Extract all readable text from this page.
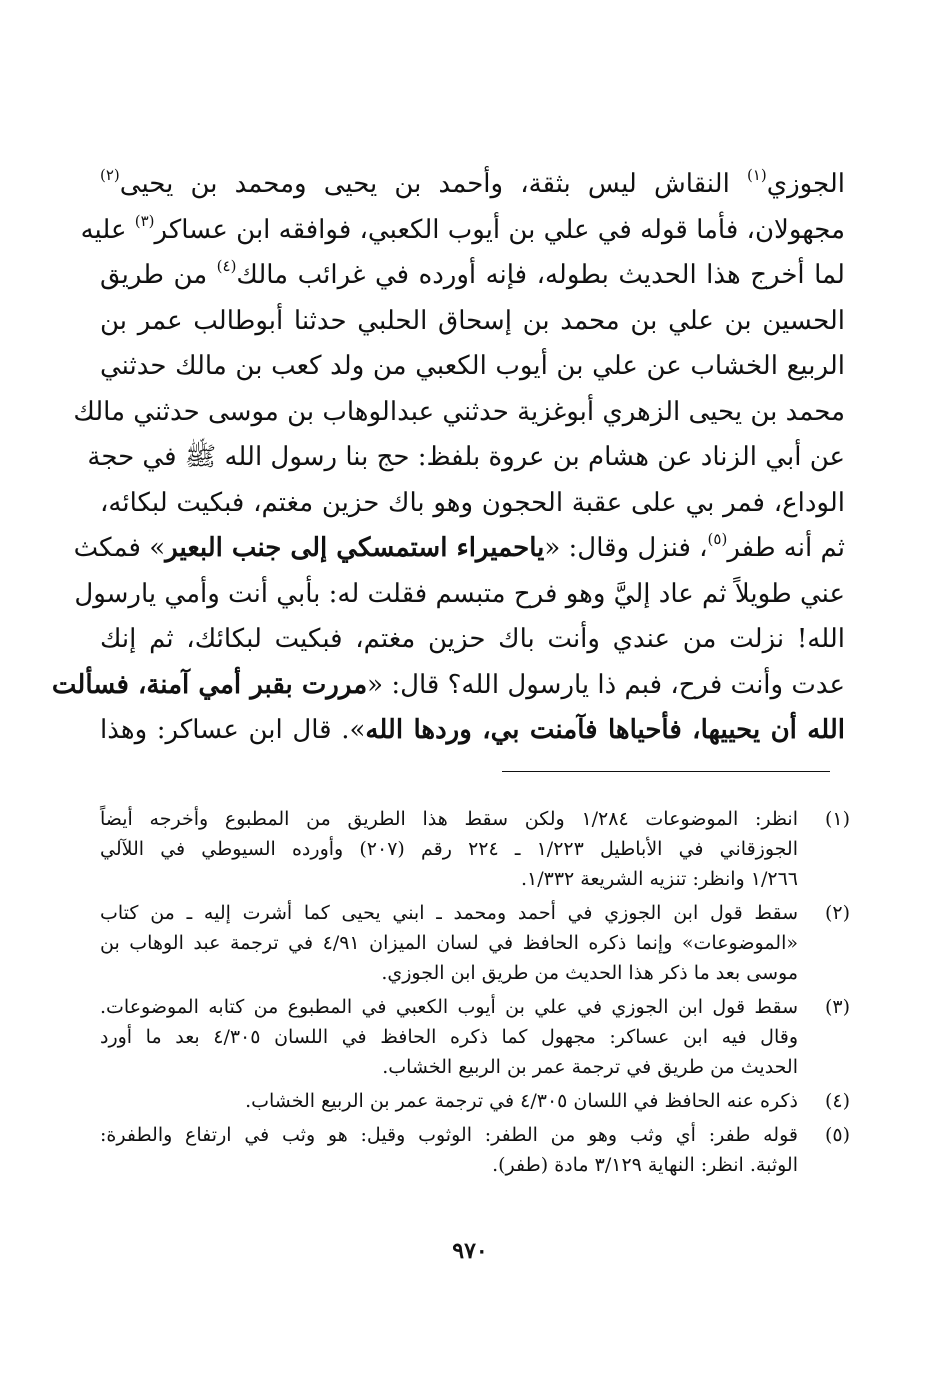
الجوزي$^{(١)}$ النقاش ليس بثقة، وأحمد بن يحيى ومحمد بن يحيى$^{(٢)}$
مجهولان، فأما قوله في علي بن أيوب الكعبي، فوافقه ابن عساكر$^{(٣)}$ عليه
لما أخرج هذا الحديث بطوله، فإنه أورده في غرائب مالك$^{(٤)}$ من طريق
الحسين بن علي بن محمد بن إسحاق الحلبي حدثنا أبوطالب عمر بن
الربيع الخشاب عن علي بن أيوب الكعبي من ولد كعب بن مالك حدثني
محمد بن يحيى الزهري أبوغزية حدثني عبدالوهاب بن موسى حدثني مالك
عن أبي الزناد عن هشام بن عروة بلفظ: حج بنا رسول الله ﷺ في حجة
الوداع، فمر بي على عقبة الحجون وهو باك حزين مغتم، فبكيت لبكائه،
ثم أنه طفر$^{(٥)}$، فنزل وقال: «ياحميراء استمسكي إلى جنب البعير» فمكث
عني طويلاً ثم عاد إليَّ وهو فرح متبسم فقلت له: بأبي أنت وأمي يارسول
الله! نزلت من عندي وأنت باك حزين مغتم، فبكيت لبكائك، ثم إنك
عدت وأنت فرح، فبم ذا يارسول الله؟ قال: «مررت بقبر أمي آمنة، فسألت
الله أن يحييها، فأحياها فآمنت بي، وردها الله». قال ابن عساكر: وهذا
(١)
انظر: الموضوعات ١/٢٨٤ ولكن سقط هذا الطريق من المطبوع وأخرجه أيضاً
الجوزقاني في الأباطيل ١/٢٢٣ ـ ٢٢٤ رقم (٢٠٧) وأورده السيوطي في اللآلي
١/٢٦٦ وانظر: تنزيه الشريعة ١/٣٣٢.
(٢)
سقط قول ابن الجوزي في أحمد ومحمد ـ ابني يحيى كما أشرت إليه ـ من كتاب
«الموضوعات» وإنما ذكره الحافظ في لسان الميزان ٤/٩١ في ترجمة عبد الوهاب بن
موسى بعد ما ذكر هذا الحديث من طريق ابن الجوزي.
(٣)
سقط قول ابن الجوزي في علي بن أيوب الكعبي في المطبوع من كتابه الموضوعات.
وقال فيه ابن عساكر: مجهول كما ذكره الحافظ في اللسان ٤/٣٠٥ بعد ما أورد
الحديث من طريق في ترجمة عمر بن الربيع الخشاب.
(٤)
ذكره عنه الحافظ في اللسان ٤/٣٠٥ في ترجمة عمر بن الربيع الخشاب.
(٥)
قوله طفر: أي وثب وهو من الطفر: الوثوب وقيل: هو وثب في ارتفاع والطفرة:
الوثبة. انظر: النهاية ٣/١٢٩ مادة (طفر).
٩٧٠
